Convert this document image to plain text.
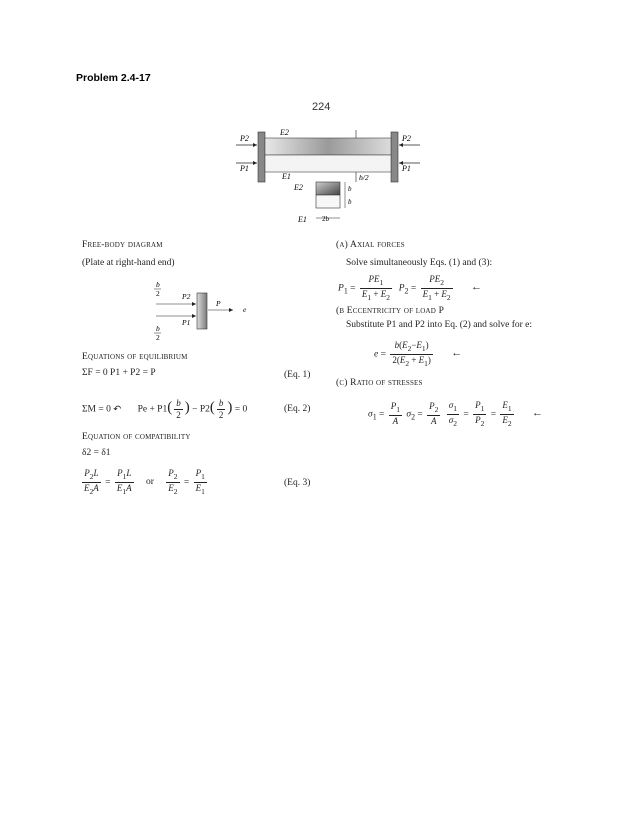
Problem 2.4-17
224
P2
P1
P2
P1
E2
E1	b/2
E2
E1
b
b
2b
Free-body diagram
(Plate at right-hand end)
b
2	P2
P1
P
e
b
2
Equations of equilibrium
ΣF = 0 P1 + P2 = P	(Eq. 1)
ΣM = 0 ↶ $Pe + P1( \frac{b}{2}$ ) − $P2( \frac{b}{2}$ ) = 0	(Eq. 2)
Equation of compatibility
δ2 = δ1
$\frac{P_2L}{E_2A} = \frac{P_1L}{E_1A}$ or $\frac{P_2}{E_2} = \frac{P_1}{E_1}$	(Eq. 3)
(a) Axial forces
Solve simultaneously Eqs. (1) and (3):
$P_1 = \frac{PE_1}{E_1 + E_2} P_2 = \frac{PE_2}{E_1 + E_2}$ ←
(b Eccentricity of load P
Substitute P1 and P2 into Eq. (2) and solve for e:
$e = \frac{b(E_2-E_1)}{2(E_2 + E_1)}$ ←
(c) Ratio of stresses
$\sigma_1 = \frac{P_1}{A} \sigma_2 = \frac{P_2}{A}$
$\frac{\sigma_1}{\sigma_2} = \frac{P_1}{P_2} = \frac{E_1}{E_2}$ ←
